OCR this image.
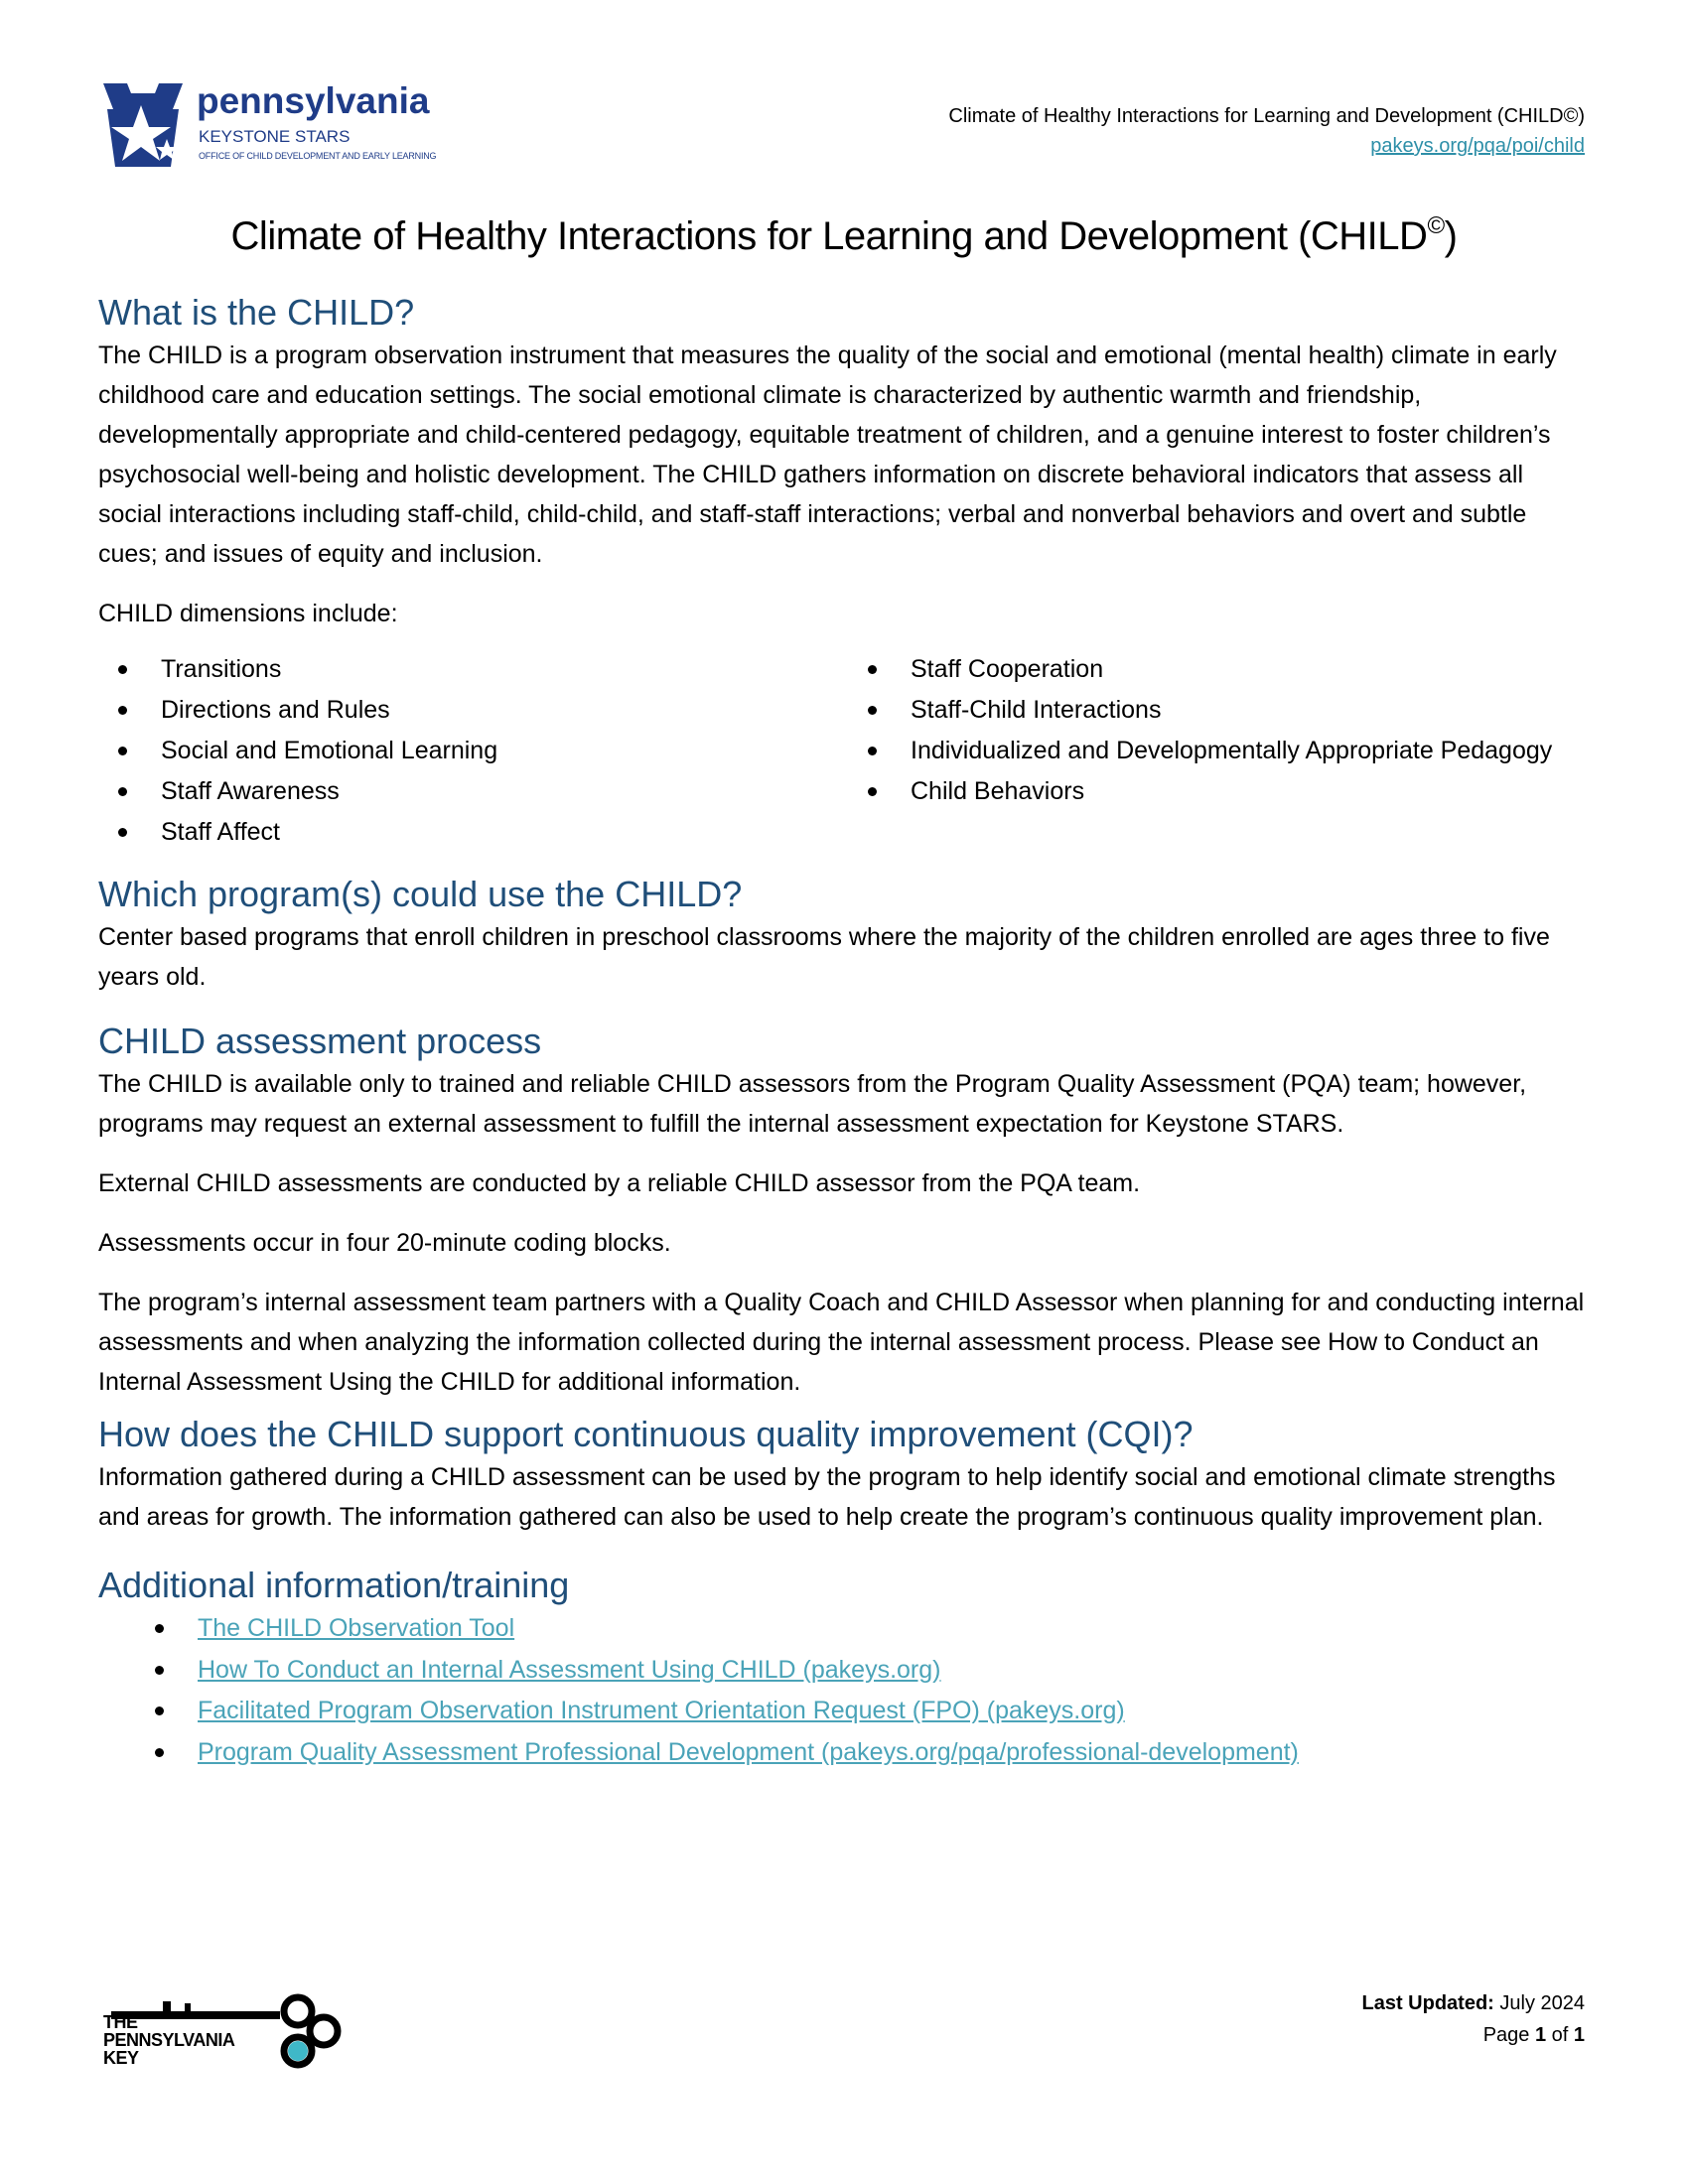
pennsylvania
KEYSTONE STARS
OFFICE OF CHILD DEVELOPMENT AND EARLY LEARNING
Climate of Healthy Interactions for Learning and Development (CHILD©)
pakeys.org/pqa/poi/child
Climate of Healthy Interactions for Learning and Development (CHILD©)
What is the CHILD?

The CHILD is a program observation instrument that measures the quality of the social and emotional (mental health) climate in early childhood care and education settings. The social emotional climate is characterized by authentic warmth and friendship, developmentally appropriate and child-centered pedagogy, equitable treatment of children, and a genuine interest to foster children’s psychosocial well-being and holistic development. The CHILD gathers information on discrete behavioral indicators that assess all social interactions including staff-child, child-child, and staff-staff interactions; verbal and nonverbal behaviors and overt and subtle cues; and issues of equity and inclusion.

CHILD dimensions include:

Transitions
Directions and Rules
Social and Emotional Learning
Staff Awareness
Staff Affect
Staff Cooperation
Staff-Child Interactions
Individualized and Developmentally Appropriate Pedagogy
Child Behaviors
Which program(s) could use the CHILD?

Center based programs that enroll children in preschool classrooms where the majority of the children enrolled are ages three to five years old.

CHILD assessment process

The CHILD is available only to trained and reliable CHILD assessors from the Program Quality Assessment (PQA) team; however, programs may request an external assessment to fulfill the internal assessment expectation for Keystone STARS.

External CHILD assessments are conducted by a reliable CHILD assessor from the PQA team.

Assessments occur in four 20-minute coding blocks.

The program’s internal assessment team partners with a Quality Coach and CHILD Assessor when planning for and conducting internal assessments and when analyzing the information collected during the internal assessment process. Please see How to Conduct an Internal Assessment Using the CHILD for additional information.

How does the CHILD support continuous quality improvement (CQI)?

Information gathered during a CHILD assessment can be used by the program to help identify social and emotional climate strengths and areas for growth. The information gathered can also be used to help create the program’s continuous quality improvement plan.

Additional information/training
The CHILD Observation Tool
How To Conduct an Internal Assessment Using CHILD (pakeys.org)
Facilitated Program Observation Instrument Orientation Request (FPO) (pakeys.org)
Program Quality Assessment Professional Development (pakeys.org/pqa/professional-development)
THE
PENNSYLVANIA
KEY
Last Updated: July 2024
Page 1 of 1
